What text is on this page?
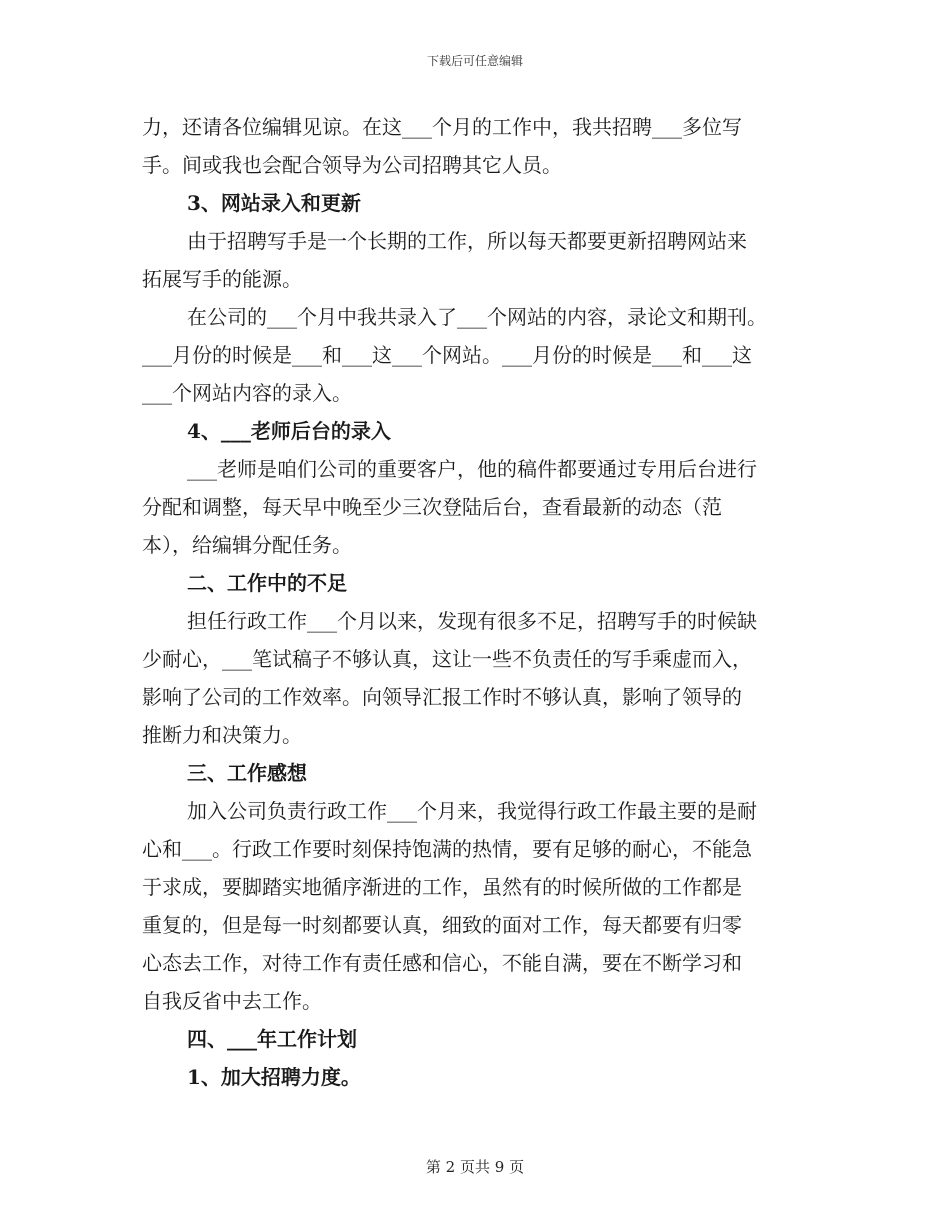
下载后可任意编辑
力，还请各位编辑见谅。在这___个月的工作中，我共招聘___多位写
手。间或我也会配合领导为公司招聘其它人员。
3、网站录入和更新
由于招聘写手是一个长期的工作，所以每天都要更新招聘网站来
拓展写手的能源。
在公司的___个月中我共录入了___个网站的内容，录论文和期刊。
___月份的时候是___和___这___个网站。___月份的时候是___和___这
___个网站内容的录入。
4、___老师后台的录入
___老师是咱们公司的重要客户，他的稿件都要通过专用后台进行
分配和调整，每天早中晚至少三次登陆后台，查看最新的动态（范
本），给编辑分配任务。
二、工作中的不足
担任行政工作___个月以来，发现有很多不足，招聘写手的时候缺
少耐心，___笔试稿子不够认真，这让一些不负责任的写手乘虚而入，
影响了公司的工作效率。向领导汇报工作时不够认真，影响了领导的
推断力和决策力。
三、工作感想
加入公司负责行政工作___个月来，我觉得行政工作最主要的是耐
心和___。行政工作要时刻保持饱满的热情，要有足够的耐心，不能急
于求成，要脚踏实地循序渐进的工作，虽然有的时候所做的工作都是
重复的，但是每一时刻都要认真，细致的面对工作，每天都要有归零
心态去工作，对待工作有责任感和信心，不能自满，要在不断学习和
自我反省中去工作。
四、___年工作计划
1、加大招聘力度。
第 2 页共 9 页
